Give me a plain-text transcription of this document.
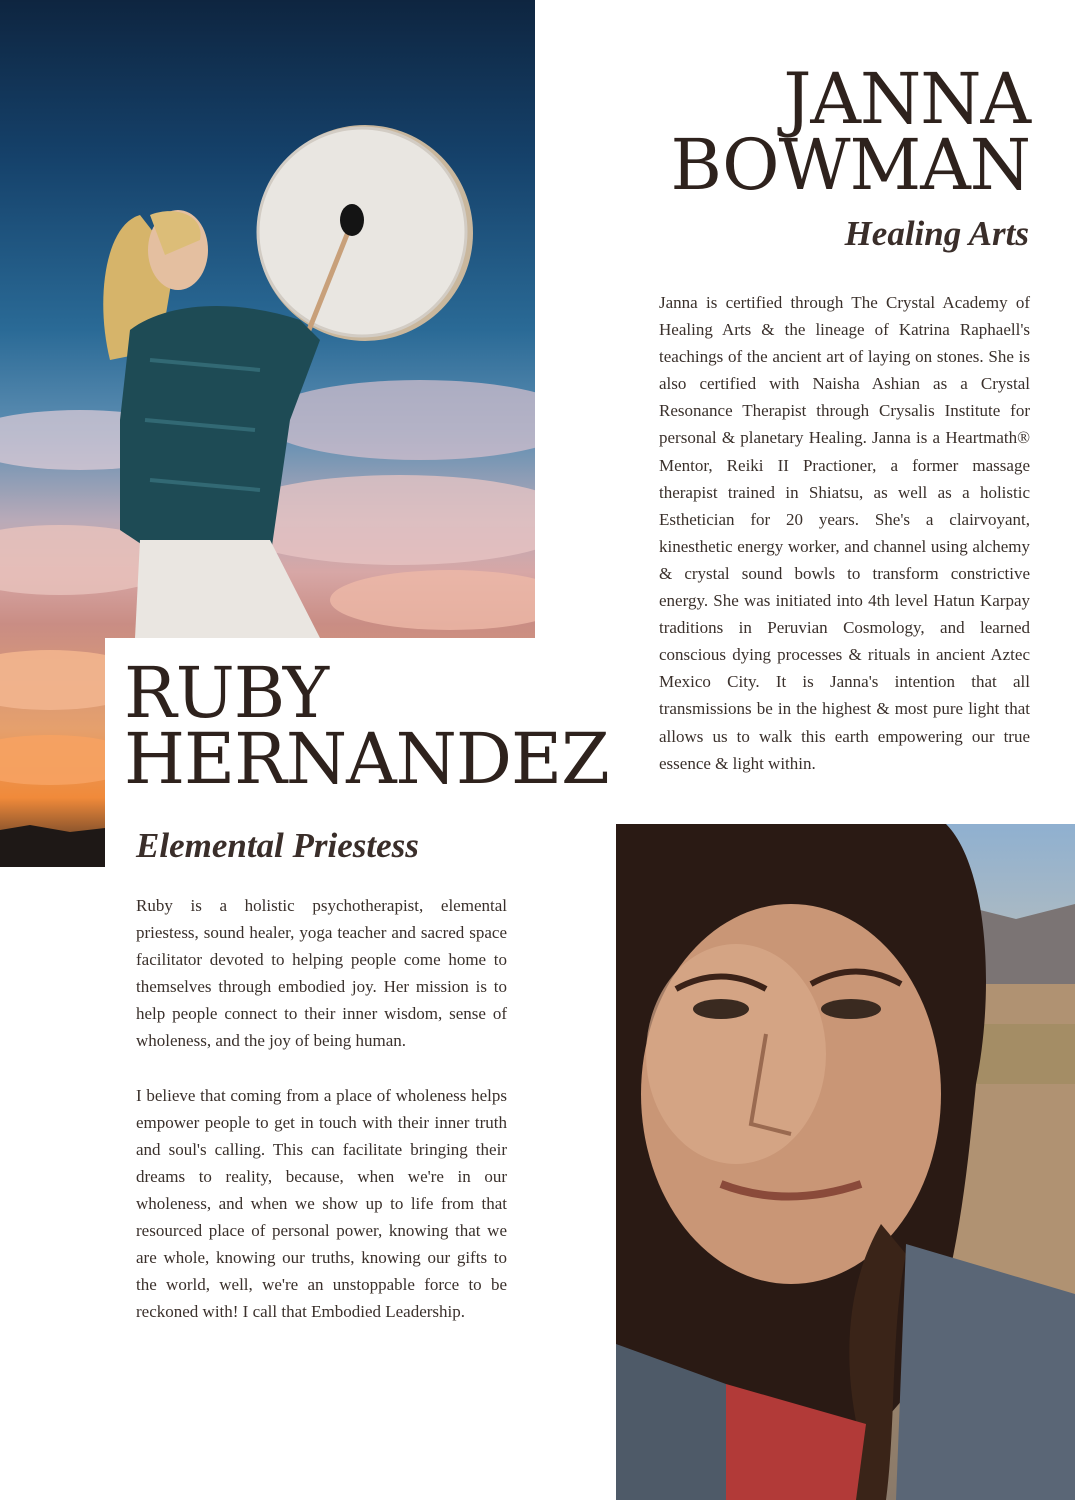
JANNA
BOWMAN
Healing Arts

Janna is certified through The Crystal Academy of Healing Arts & the lineage of Katrina Raphaell's teachings of the ancient art of laying on stones. She is also certified with Naisha Ashian as a Crystal Resonance Therapist through Crysalis Institute for personal & planetary Healing. Janna is a Heartmath® Mentor, Reiki II Practioner, a former massage therapist trained in Shiatsu, as well as a holistic Esthetician for 20 years. She's a clairvoyant, kinesthetic energy worker, and channel using alchemy & crystal sound bowls to transform constrictive energy. She was initiated into 4th level Hatun Karpay traditions in Peruvian Cosmology, and learned conscious dying processes & rituals in ancient Aztec Mexico City. It is Janna's intention that all transmissions be in the highest & most pure light that allows us to walk this earth empowering our true essence & light within.

RUBY
HERNANDEZ
Elemental Priestess

Ruby is a holistic psychotherapist, elemental priestess, sound healer, yoga teacher and sacred space facilitator devoted to helping people come home to themselves through embodied joy. Her mission is to help people connect to their inner wisdom, sense of wholeness, and the joy of being human.

I believe that coming from a place of wholeness helps empower people to get in touch with their inner truth and soul's calling. This can facilitate bringing their dreams to reality, because, when we're in our wholeness, and when we show up to life from that resourced place of personal power, knowing that we are whole, knowing our truths, knowing our gifts to the world, well, we're an unstoppable force to be reckoned with! I call that Embodied Leadership.
